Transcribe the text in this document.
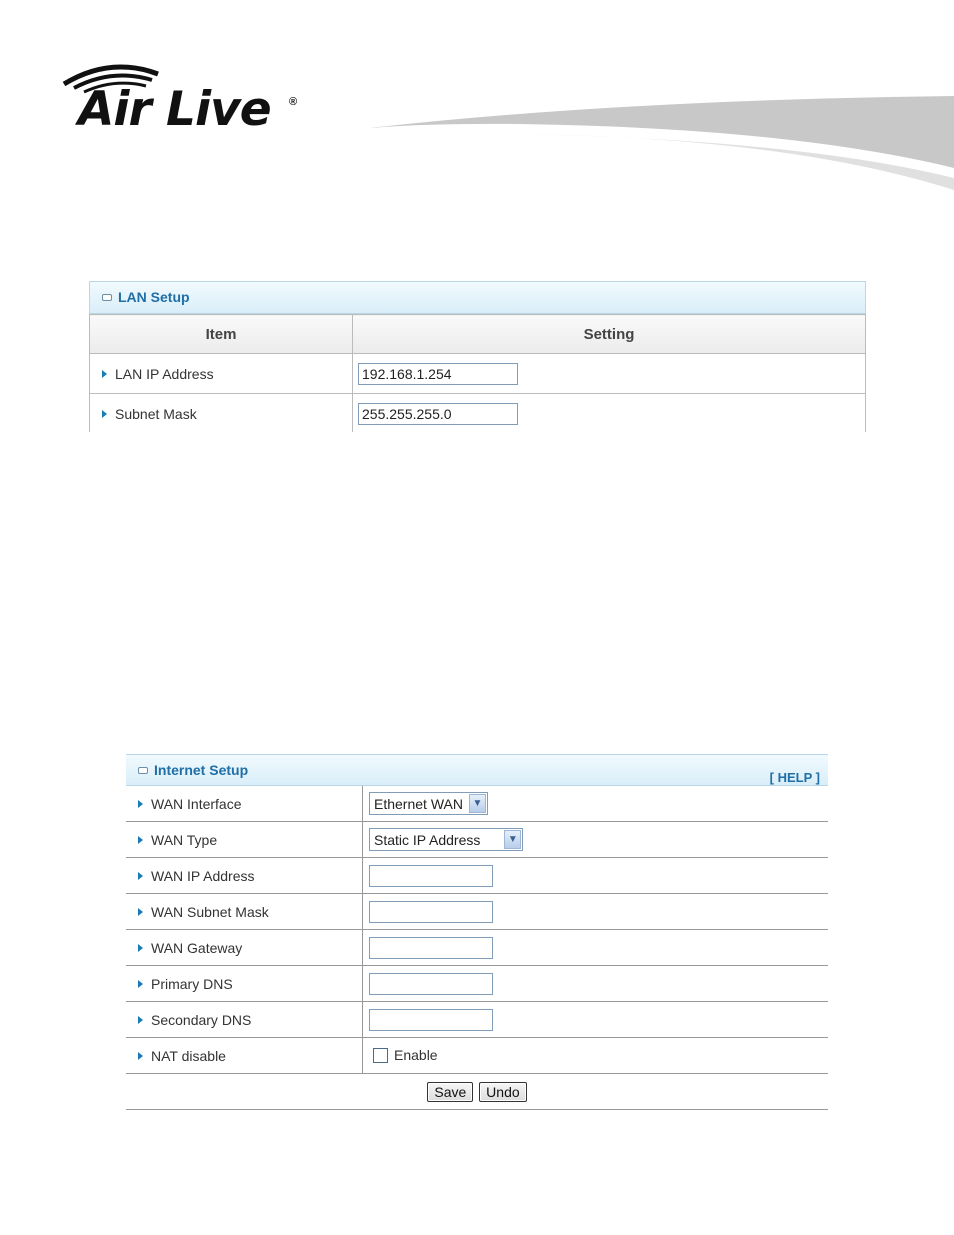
Air Live ®
LAN Setup
Item	Setting
LAN IP Address	192.168.1.254
Subnet Mask	255.255.255.0
Internet Setup	[ HELP ]
WAN Interface	Ethernet WAN ▼

WAN Type	Static IP Address ▼

WAN IP Address	
WAN Subnet Mask	
WAN Gateway	
Primary DNS	
Secondary DNS	
NAT disable	Enable
Save Undo	
